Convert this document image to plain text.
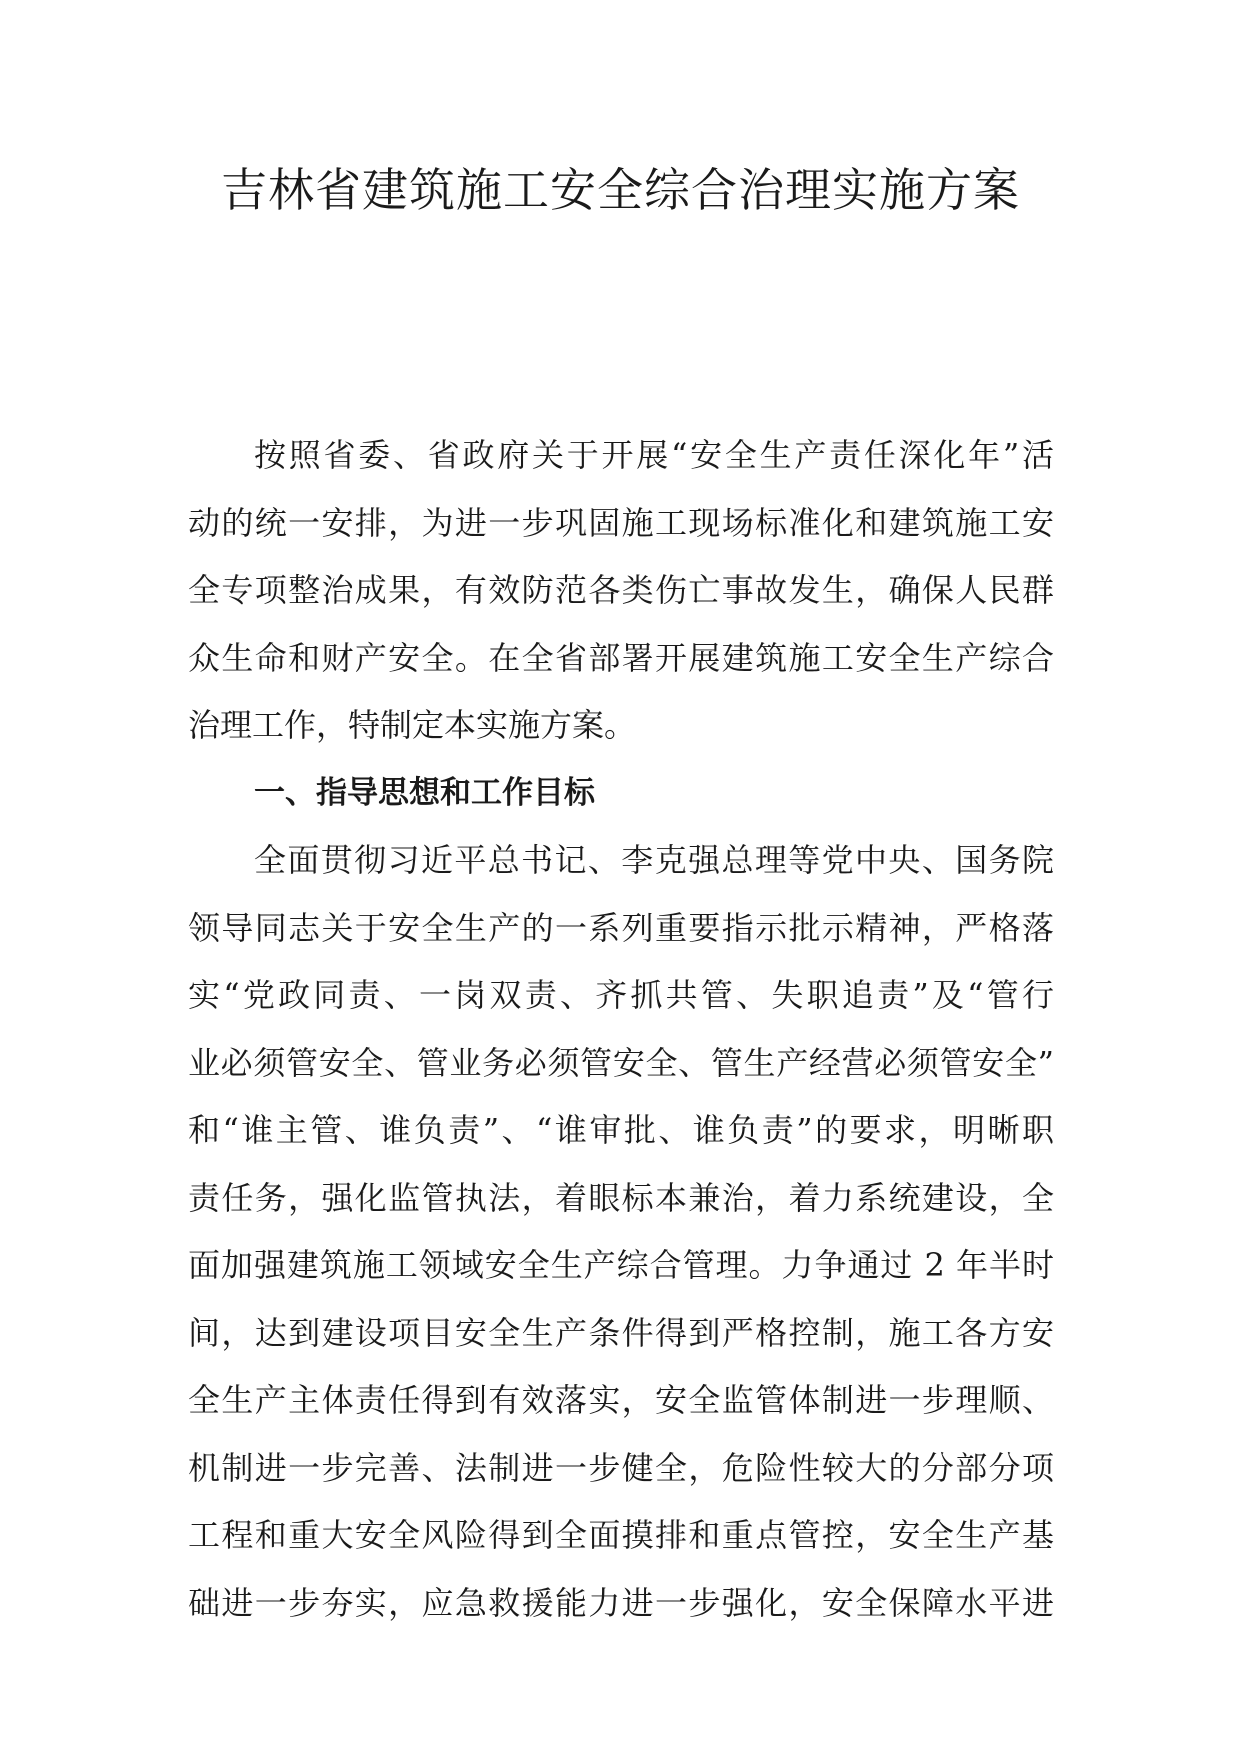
吉林省建筑施工安全综合治理实施方案
按照省委、省政府关于开展“安全生产责任深化年”活
动的统一安排，为进一步巩固施工现场标准化和建筑施工安
全专项整治成果，有效防范各类伤亡事故发生，确保人民群
众生命和财产安全。在全省部署开展建筑施工安全生产综合
治理工作，特制定本实施方案。
一、指导思想和工作目标
全面贯彻习近平总书记、李克强总理等党中央、国务院
领导同志关于安全生产的一系列重要指示批示精神，严格落
实“党政同责、一岗双责、齐抓共管、失职追责”及“管行
业必须管安全、管业务必须管安全、管生产经营必须管安全”
和“谁主管、谁负责”、“谁审批、谁负责”的要求，明晰职
责任务，强化监管执法，着眼标本兼治，着力系统建设，全
面加强建筑施工领域安全生产综合管理。力争通过 2 年半时
间，达到建设项目安全生产条件得到严格控制，施工各方安
全生产主体责任得到有效落实，安全监管体制进一步理顺、
机制进一步完善、法制进一步健全，危险性较大的分部分项
工程和重大安全风险得到全面摸排和重点管控，安全生产基
础进一步夯实，应急救援能力进一步强化，安全保障水平进
